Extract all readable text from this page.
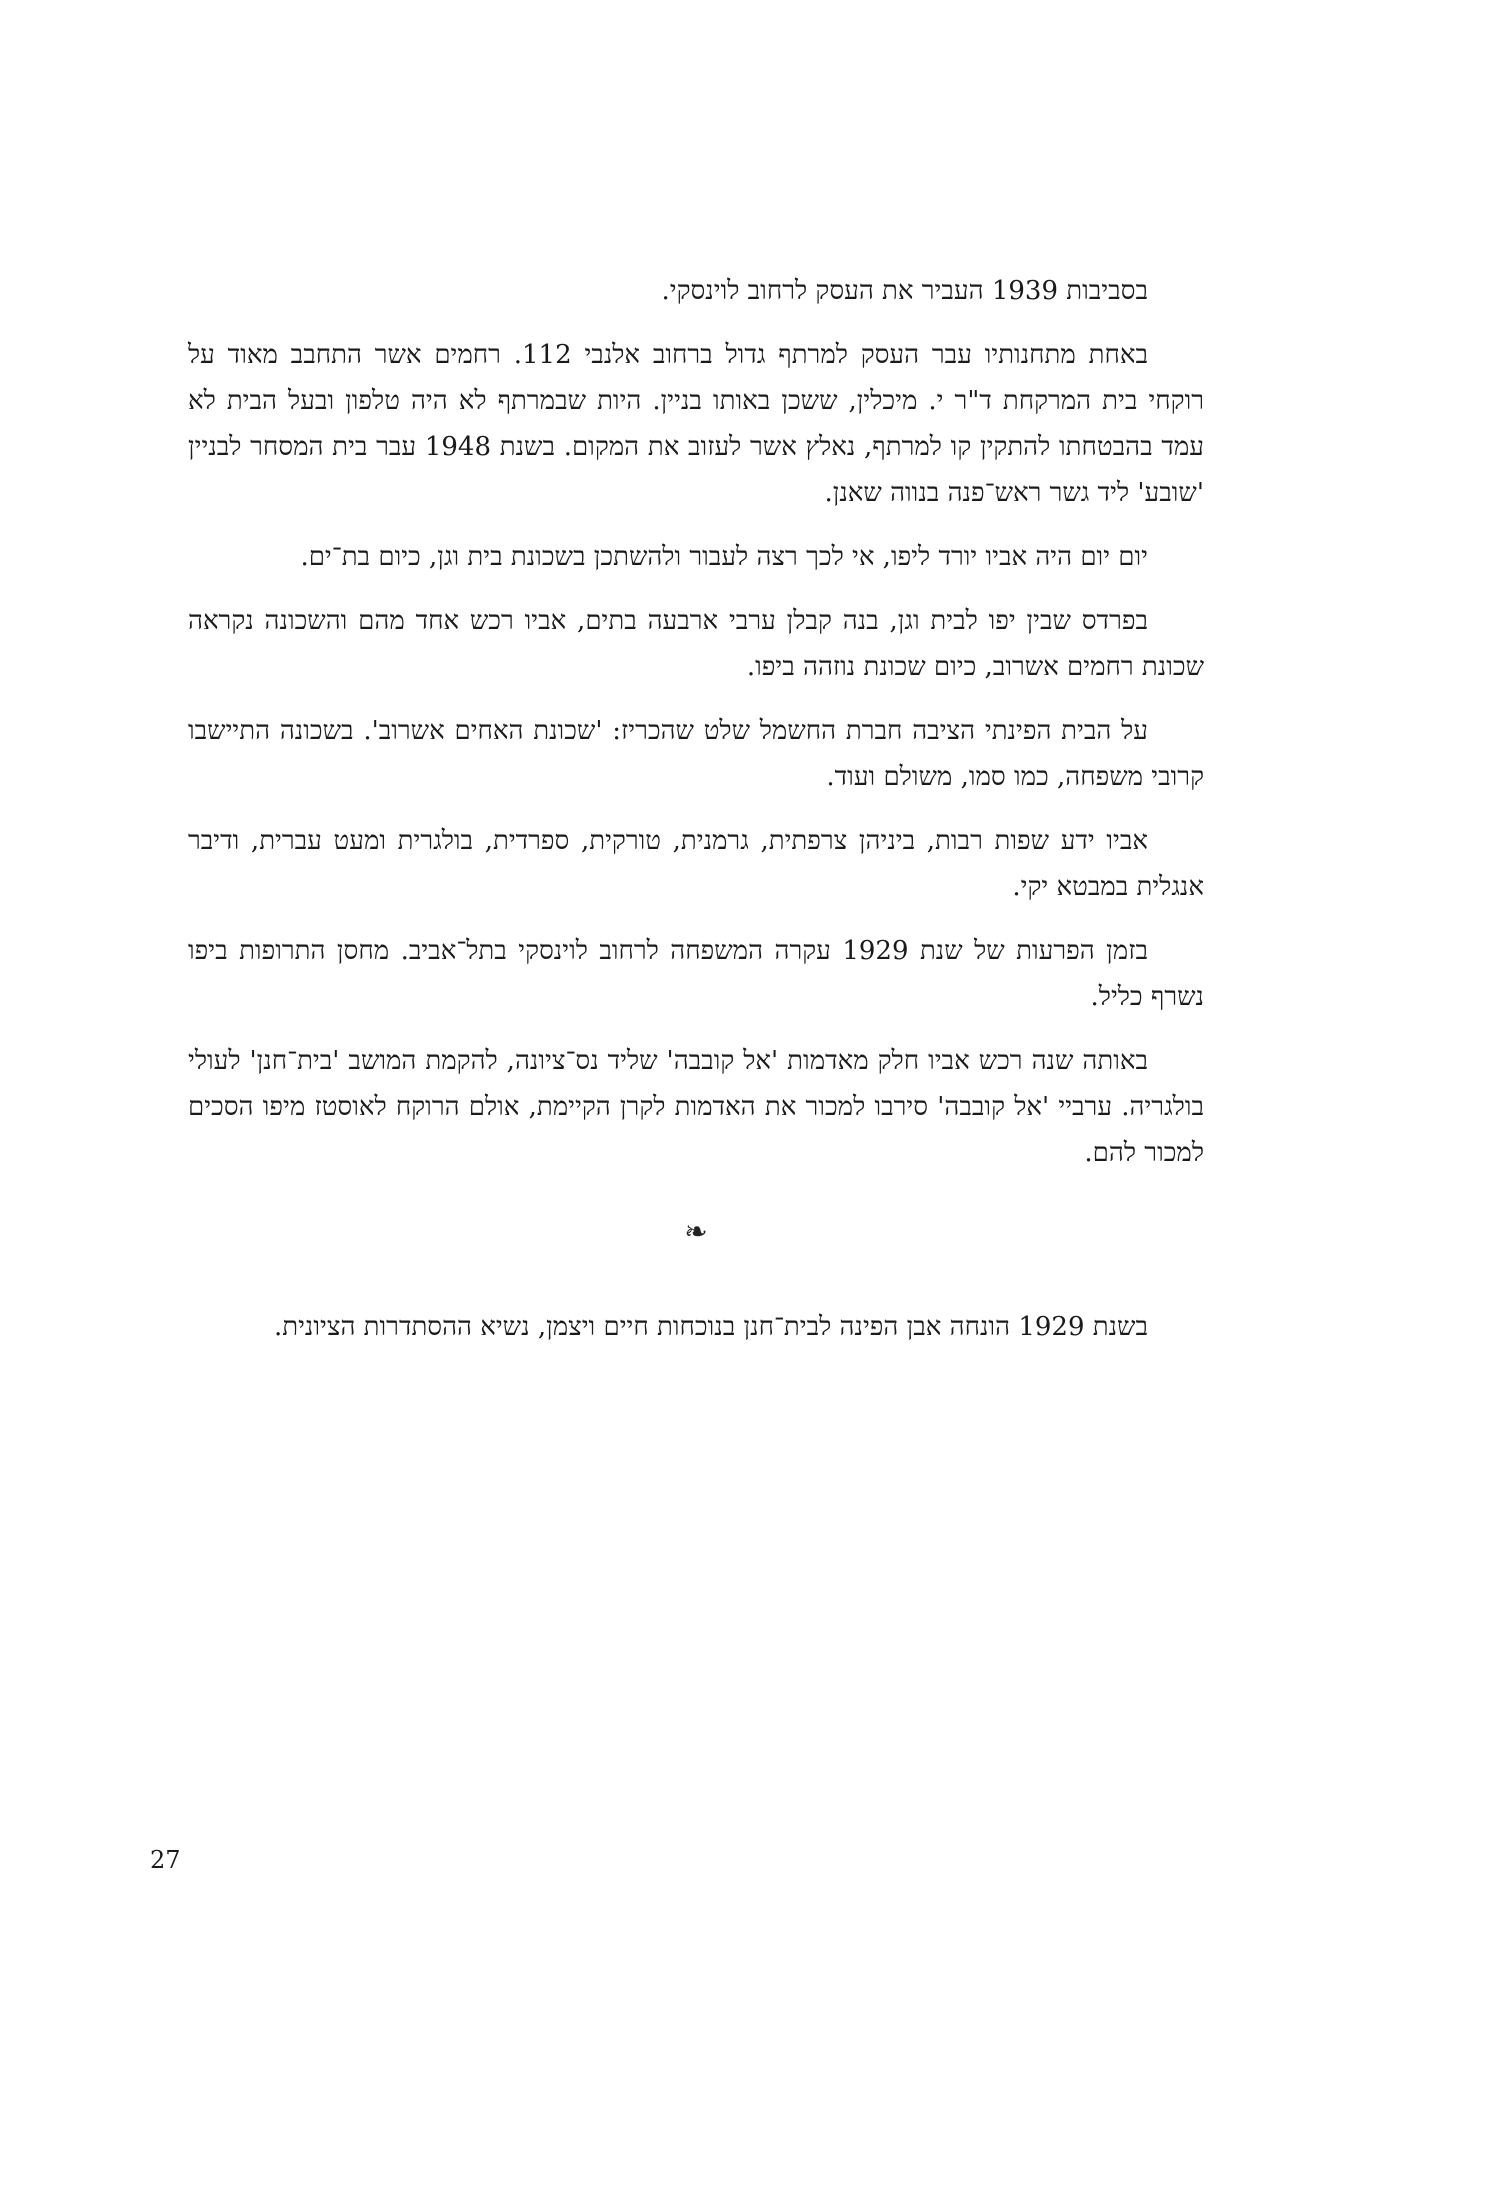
בסביבות 1939 העביר את העסק לרחוב לוינסקי.

באחת מתחנותיו עבר העסק למרתף גדול ברחוב אלנבי 112. רחמים אשר התחבב מאוד על רוקחי בית המרקחת ד"ר י. מיכלין, ששכן באותו בניין. היות שבמרתף לא היה טלפון ובעל הבית לא עמד בהבטחתו להתקין קו למרתף, נאלץ אשר לעזוב את המקום. בשנת 1948 עבר בית המסחר לבניין 'שובע' ליד גשר ראש־פנה בנווה שאנן.

יום יום היה אביו יורד ליפו, אי לכך רצה לעבור ולהשתכן בשכונת בית וגן, כיום בת־ים.

בפרדס שבין יפו לבית וגן, בנה קבלן ערבי ארבעה בתים, אביו רכש אחד מהם והשכונה נקראה שכונת רחמים אשרוב, כיום שכונת נוזהה ביפו.

על הבית הפינתי הציבה חברת החשמל שלט שהכריז: 'שכונת האחים אשרוב'. בשכונה התיישבו קרובי משפחה, כמו סמו, משולם ועוד.

אביו ידע שפות רבות, ביניהן צרפתית, גרמנית, טורקית, ספרדית, בולגרית ומעט עברית, ודיבר אנגלית במבטא יקי.

בזמן הפרעות של שנת 1929 עקרה המשפחה לרחוב לוינסקי בתל־אביב. מחסן התרופות ביפו נשרף כליל.

באותה שנה רכש אביו חלק מאדמות 'אל קובבה' שליד נס־ציונה, להקמת המושב 'בית־חנן' לעולי בולגריה. ערביי 'אל קובבה' סירבו למכור את האדמות לקרן הקיימת, אולם הרוקח לאוסטז מיפו הסכים למכור להם.

❧

בשנת 1929 הונחה אבן הפינה לבית־חנן בנוכחות חיים ויצמן, נשיא ההסתדרות הציונית.

27
